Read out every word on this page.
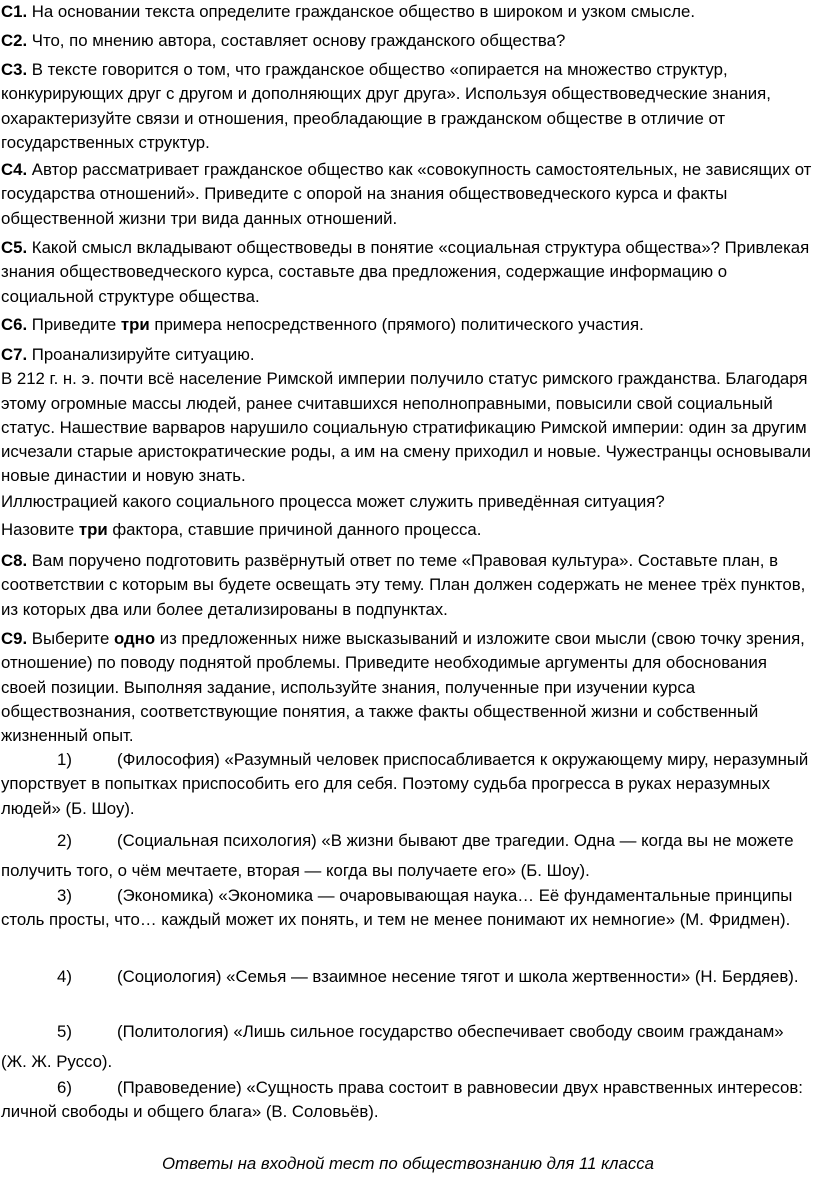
С1. На основании текста определите гражданское общество в широком и узком смысле.
С2. Что, по мнению автора, составляет основу гражданского общества?
С3. В тексте говорится о том, что гражданское общество «опирается на множество структур, конкурирующих друг с другом и дополняющих друг друга». Используя обществоведческие знания, охарактеризуйте связи и отношения, преобладающие в гражданском обществе в отличие от государственных структур.
С4. Автор рассматривает гражданское общество как «совокупность самостоятельных, не зависящих от государства отношений». Приведите с опорой на знания обществоведческого курса и факты общественной жизни три вида данных отношений.
С5. Какой смысл вкладывают обществоведы в понятие «социальная структура общества»? Привлекая знания обществоведческого курса, составьте два предложения, содержащие информацию о социальной структуре общества.
С6. Приведите три примера непосредственного (прямого) политического участия.

С7. Проанализируйте ситуацию.

В 212 г. н. э. почти всё население Римской империи получило статус римского гражданства. Благодаря этому огромные массы людей, ранее считавшихся неполноправными, повысили свой социальный статус. Нашествие варваров нарушило социальную стратификацию Римской империи: один за другим исчезали старые аристократические роды, а им на смену приходил и новые. Чужестранцы основывали новые династии и новую знать.

Иллюстрацией какого социального процесса может служить приведённая ситуация?

Назовите три фактора, ставшие причиной данного процесса.
С8. Вам поручено подготовить развёрнутый ответ по теме «Правовая культура». Составьте план, в соответствии с которым вы будете освещать эту тему. План должен содержать не менее трёх пунктов, из которых два или более детализированы в подпунктах.
С9. Выберите одно из предложенных ниже высказываний и изложите свои мысли (свою точку зрения, отношение) по поводу поднятой проблемы. Приведите необходимые аргументы для обоснования своей позиции. Выполняя задание, используйте знания, полученные при изучении курса обществознания, соответствующие понятия, а также факты общественной жизни и собственный жизненный опыт.
1)	(Философия) «Разумный человек приспосабливается к окружающему миру, неразумный упорствует в попытках приспособить его для себя. Поэтому судьба прогресса в руках неразумных людей» (Б. Шоу).
2)	(Социальная психология) «В жизни бывают две трагедии. Одна — когда вы не можете получить того, о чём мечтаете, вторая — когда вы получаете его» (Б. Шоу).
3)	(Экономика) «Экономика — очаровывающая наука… Её фундаментальные принципы столь просты, что… каждый может их понять, и тем не менее понимают их немногие» (М. Фридмен).
4)	(Социология) «Семья — взаимное несение тягот и школа жертвенности» (Н. Бердяев).
5)	(Политология) «Лишь сильное государство обеспечивает свободу своим гражданам» (Ж. Ж. Руссо).
6)	(Правоведение) «Сущность права состоит в равновесии двух нравственных интересов: личной свободы и общего блага» (В. Соловьёв).
Ответы на входной тест по обществознанию для 11 класса
